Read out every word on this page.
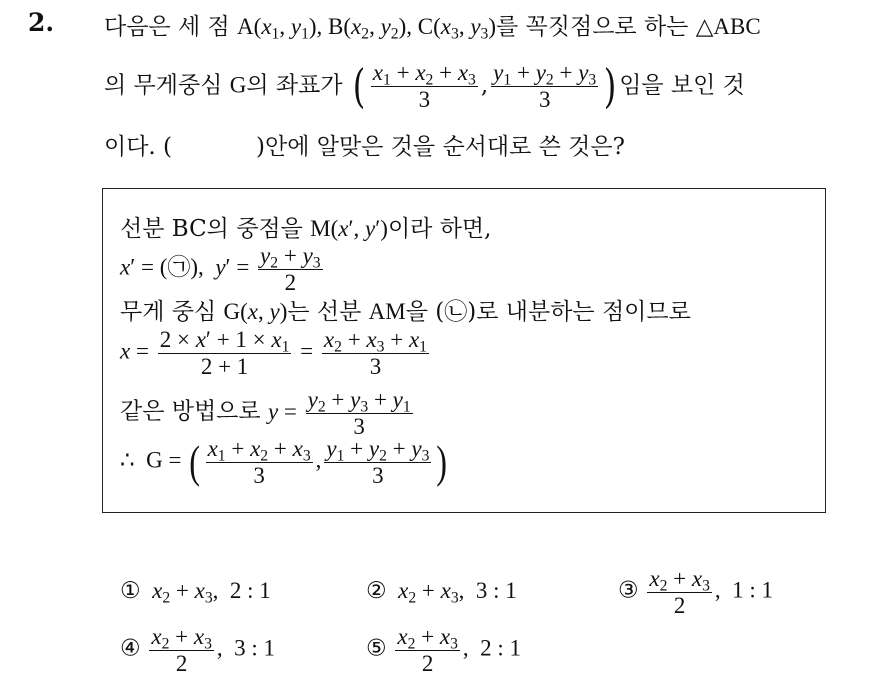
2. 다음은 세 점 $A(x_1$, $y_1$), $B(x_2$, $y_2$), $C(x_3$, $y_3$)를 꼭짓점으로 하는 △ABC
의 무게중심 G의 좌표가 ( $\frac{x_1 + x_2 + x_3}{3}$ , $\frac{y_1 + y_2 + y_3}{3}$ ) 임을 보인 것
이다. (	)안에 알맞은 것을 순서대로 쓴 것은?
선분 BC의 중점을 M(x′, y′)이라 하면,
x′ = (㉠),  $y' = \frac{y_2 + y_3}{2}$
무게 중심 G(x, y)는 선분 AM을 (㉡)로 내분하는 점이므로
$x = \frac{2 \times x' + 1 \times x_1}{2 + 1} = \frac{x_2 + x_3 + x_1}{3}$
같은 방법으로 $y = \frac{y_2 + y_3 + y_1}{3}$
∴  G = ( $\frac{x_1 + x_2 + x_3}{3}$ , $\frac{y_1 + y_2 + y_3}{3}$ )
① $x_2 + x_3$,  2 : 1	② $x_2 + x_3$,  3 : 1	③ $\frac{x_2 + x_3}{2}$ ,  1 : 1
④ $\frac{x_2 + x_3}{2}$ ,  3 : 1	⑤ $\frac{x_2 + x_3}{2}$ ,  2 : 1
